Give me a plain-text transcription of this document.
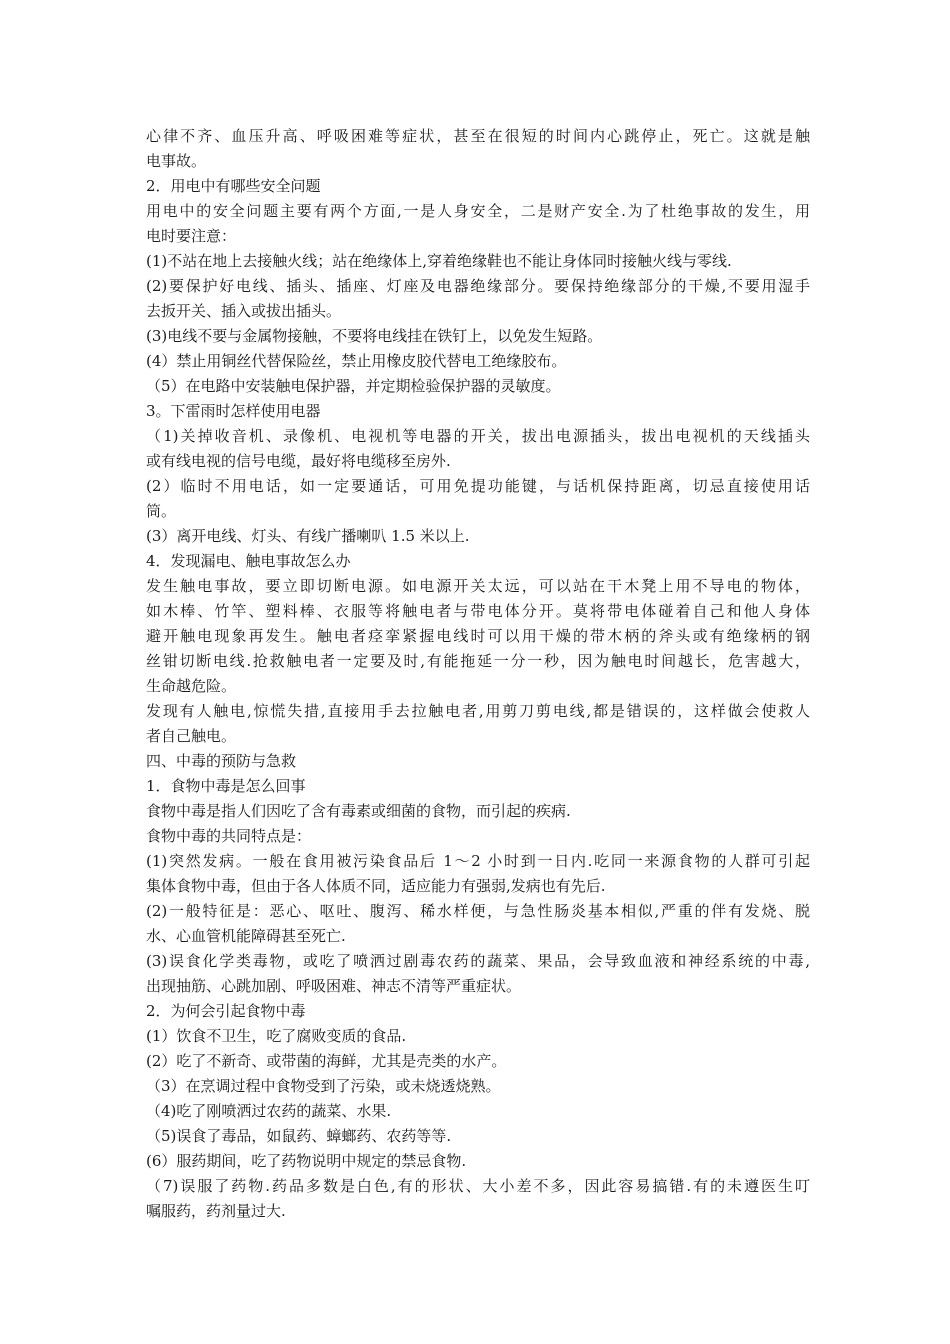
心律不齐、血压升高、呼吸困难等症状，甚至在很短的时间内心跳停止，死亡。这就是触
电事故。
2．用电中有哪些安全问题
用电中的安全问题主要有两个方面,一是人身安全，二是财产安全.为了杜绝事故的发生，用
电时要注意：
(1)不站在地上去接触火线；站在绝缘体上,穿着绝缘鞋也不能让身体同时接触火线与零线.
(2)要保护好电线、插头、插座、灯座及电器绝缘部分。要保持绝缘部分的干燥,不要用湿手
去扳开关、插入或拔出插头。
(3)电线不要与金属物接触，不要将电线挂在铁钉上，以免发生短路。
(4）禁止用铜丝代替保险丝，禁止用橡皮胶代替电工绝缘胶布。
（5）在电路中安装触电保护器，并定期检验保护器的灵敏度。
3。下雷雨时怎样使用电器
（1)关掉收音机、录像机、电视机等电器的开关，拔出电源插头，拔出电视机的天线插头
或有线电视的信号电缆，最好将电缆移至房外.
(2）临时不用电话，如一定要通话，可用免提功能键，与话机保持距离，切忌直接使用话
筒。
(3）离开电线、灯头、有线广播喇叭 1.5 米以上.
4．发现漏电、触电事故怎么办
发生触电事故，要立即切断电源。如电源开关太远，可以站在干木凳上用不导电的物体，
如木棒、竹竿、塑料棒、衣服等将触电者与带电体分开。莫将带电体碰着自己和他人身体
避开触电现象再发生。触电者痉挛紧握电线时可以用干燥的带木柄的斧头或有绝缘柄的钢
丝钳切断电线.抢救触电者一定要及时,有能拖延一分一秒，因为触电时间越长，危害越大，
生命越危险。
发现有人触电,惊慌失措,直接用手去拉触电者,用剪刀剪电线,都是错误的，这样做会使救人
者自己触电。
四、中毒的预防与急救
1．食物中毒是怎么回事
食物中毒是指人们因吃了含有毒素或细菌的食物，而引起的疾病.
食物中毒的共同特点是：
(1)突然发病。一般在食用被污染食品后 1～2 小时到一日内.吃同一来源食物的人群可引起
集体食物中毒，但由于各人体质不同，适应能力有强弱,发病也有先后.
(2)一般特征是：恶心、呕吐、腹泻、稀水样便，与急性肠炎基本相似,严重的伴有发烧、脱
水、心血管机能障碍甚至死亡.
(3)误食化学类毒物，或吃了喷洒过剧毒农药的蔬菜、果品，会导致血液和神经系统的中毒,
出现抽筋、心跳加剧、呼吸困难、神志不清等严重症状。
2．为何会引起食物中毒
(1）饮食不卫生，吃了腐败变质的食品.
(2）吃了不新奇、或带菌的海鲜，尤其是壳类的水产。
（3）在烹调过程中食物受到了污染，或未烧透烧熟。
（4)吃了刚喷洒过农药的蔬菜、水果.
（5)误食了毒品，如鼠药、蟑螂药、农药等等.
(6）服药期间，吃了药物说明中规定的禁忌食物.
（7)误服了药物.药品多数是白色,有的形状、大小差不多，因此容易搞错.有的未遵医生叮
嘱服药，药剂量过大.
